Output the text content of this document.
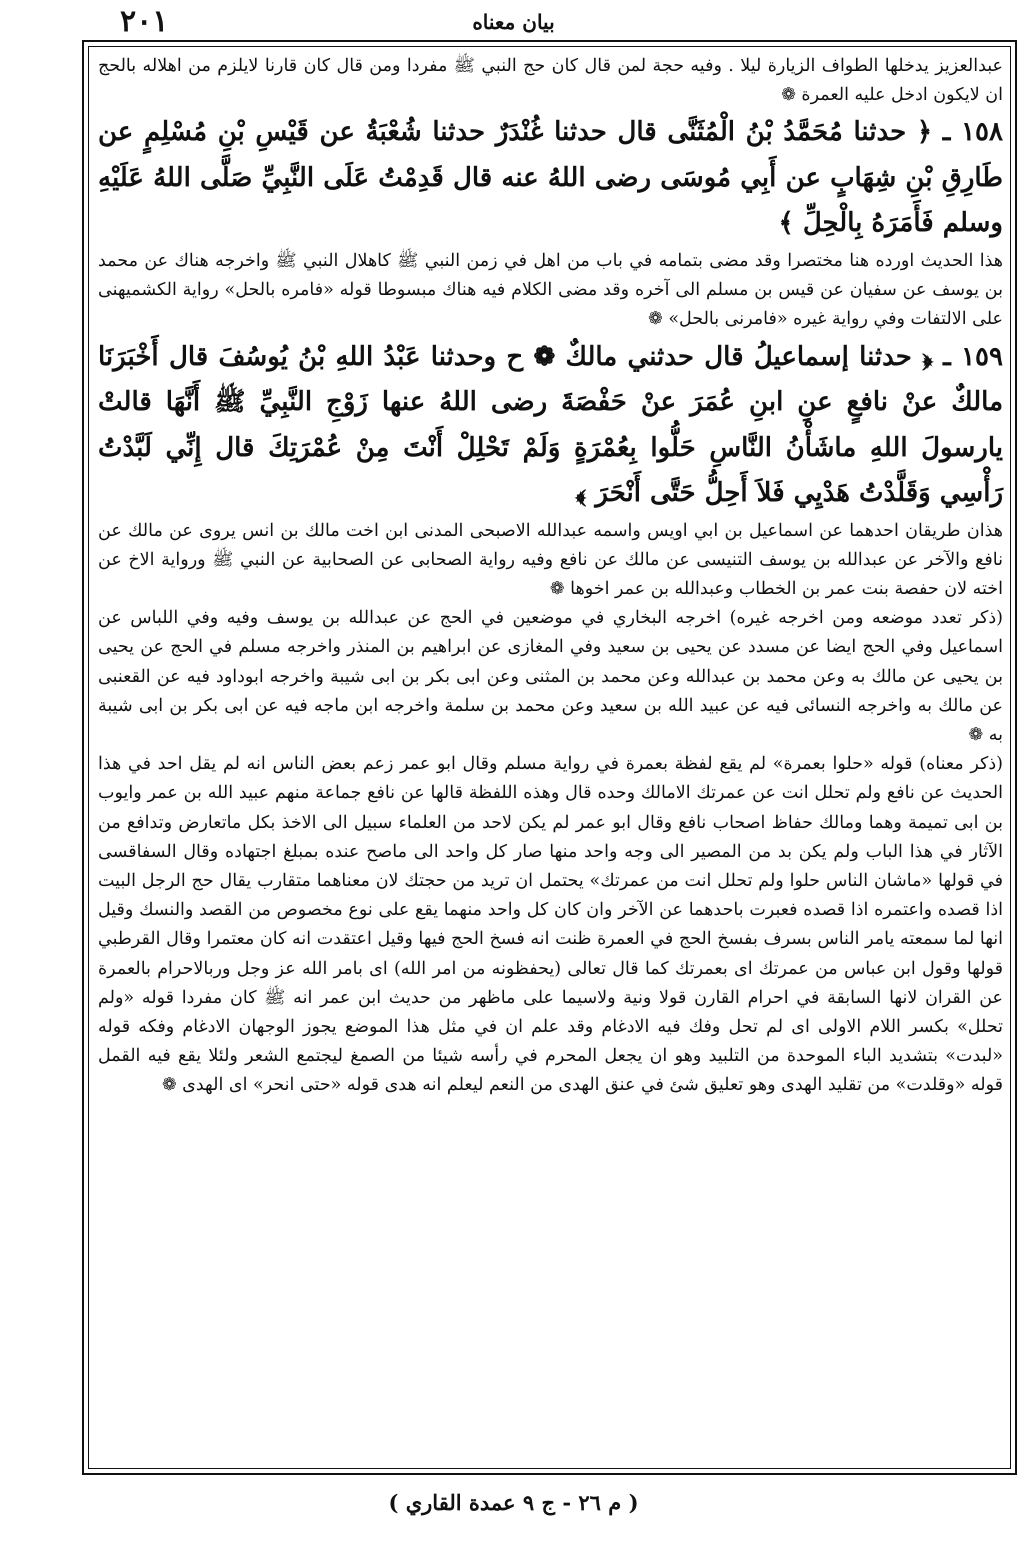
٢٠١	بيان معناه

عبدالعزيز يدخلها الطواف الزيارة ليلا . وفيه حجة لمن قال كان حج النبي ﷺ مفردا ومن قال كان قارنا لايلزم من اهلاله بالحج ان لايكون ادخل عليه العمرة ❁

١٥٨ ـ ﴿ حدثنا مُحَمَّدُ بْنُ الْمُثَنَّى قال حدثنا غُنْدَرٌ حدثنا شُعْبَةُ عن قَيْسِ بْنِ مُسْلِمٍ عن طَارِقِ بْنِ شِهَابٍ عن أَبِي مُوسَى رضى اللهُ عنه قال قَدِمْتُ عَلَى النَّبِيِّ صَلَّى اللهُ عَلَيْهِ وسلم فَأَمَرَهُ بِالْحِلِّ ﴾

هذا الحديث اورده هنا مختصرا وقد مضى بتمامه في باب من اهل في زمن النبي ﷺ كاهلال النبي ﷺ واخرجه هناك عن محمد بن يوسف عن سفيان عن قيس بن مسلم الى آخره وقد مضى الكلام فيه هناك مبسوطا قوله «فامره بالحل» رواية الكشميهنى على الالتفات وفي رواية غيره «فامرنى بالحل» ❁

١٥٩ ـ ﴿ حدثنا إسماعيلُ قال حدثني مالكٌ ❁ ح وحدثنا عَبْدُ اللهِ بْنُ يُوسُفَ قال أَخْبَرَنَا مالكٌ عنْ نافعٍ عنِ ابنِ عُمَرَ عنْ حَفْصَةَ رضى اللهُ عنها زَوْجِ النَّبِيِّ ﷺ أَنَّهَا قالتْ يارسولَ اللهِ ماشَأْنُ النَّاسِ حَلُّوا بِعُمْرَةٍ وَلَمْ تَحْلِلْ أَنْتَ مِنْ عُمْرَتِكَ قال إِنِّي لَبَّدْتُ رَأْسِي وَقَلَّدْتُ هَدْيِي فَلاَ أَحِلُّ حَتَّى أَنْحَرَ ﴾

هذان طريقان احدهما عن اسماعيل بن ابي اويس واسمه عبدالله الاصبحى المدنى ابن اخت مالك بن انس يروى عن مالك عن نافع والآخر عن عبدالله بن يوسف التنيسى عن مالك عن نافع وفيه رواية الصحابى عن الصحابية عن النبي ﷺ ورواية الاخ عن اخته لان حفصة بنت عمر بن الخطاب وعبدالله بن عمر اخوها ❁

(ذكر تعدد موضعه ومن اخرجه غيره) اخرجه البخاري في موضعين في الحج عن عبدالله بن يوسف وفيه وفي اللباس عن اسماعيل وفي الحج ايضا عن مسدد عن يحيى بن سعيد وفي المغازى عن ابراهيم بن المنذر واخرجه مسلم في الحج عن يحيى بن يحيى عن مالك به وعن محمد بن عبدالله وعن محمد بن المثنى وعن ابى بكر بن ابى شيبة واخرجه ابوداود فيه عن القعنبى عن مالك به واخرجه النسائى فيه عن عبيد الله بن سعيد وعن محمد بن سلمة واخرجه ابن ماجه فيه عن ابى بكر بن ابى شيبة به ❁

(ذكر معناه) قوله «حلوا بعمرة» لم يقع لفظة بعمرة في رواية مسلم وقال ابو عمر زعم بعض الناس انه لم يقل احد في هذا الحديث عن نافع ولم تحلل انت عن عمرتك الامالك وحده قال وهذه اللفظة قالها عن نافع جماعة منهم عبيد الله بن عمر وايوب بن ابى تميمة وهما ومالك حفاظ اصحاب نافع وقال ابو عمر لم يكن لاحد من العلماء سبيل الى الاخذ بكل ماتعارض وتدافع من الآثار في هذا الباب ولم يكن بد من المصير الى وجه واحد منها صار كل واحد الى ماصح عنده بمبلغ اجتهاده وقال السفاقسى في قولها «ماشان الناس حلوا ولم تحلل انت من عمرتك» يحتمل ان تريد من حجتك لان معناهما متقارب يقال حج الرجل البيت اذا قصده واعتمره اذا قصده فعبرت باحدهما عن الآخر وان كان كل واحد منهما يقع على نوع مخصوص من القصد والنسك وقيل انها لما سمعته يامر الناس بسرف بفسخ الحج في العمرة ظنت انه فسخ الحج فيها وقيل اعتقدت انه كان معتمرا وقال القرطبي قولها وقول ابن عباس من عمرتك اى بعمرتك كما قال تعالى (يحفظونه من امر الله) اى بامر الله عز وجل وربالاحرام بالعمرة عن القران لانها السابقة في احرام القارن قولا ونية ولاسيما على ماظهر من حديث ابن عمر انه ﷺ كان مفردا قوله «ولم تحلل» بكسر اللام الاولى اى لم تحل وفك فيه الادغام وقد علم ان في مثل هذا الموضع يجوز الوجهان الادغام وفكه قوله «لبدت» بتشديد الباء الموحدة من التلبيد وهو ان يجعل المحرم في رأسه شيئا من الصمغ ليجتمع الشعر ولئلا يقع فيه القمل قوله «وقلدت» من تقليد الهدى وهو تعليق شئ في عنق الهدى من النعم ليعلم انه هدى قوله «حتى انحر» اى الهدى ❁

( م ٢٦ - ج ٩ عمدة القاري )
